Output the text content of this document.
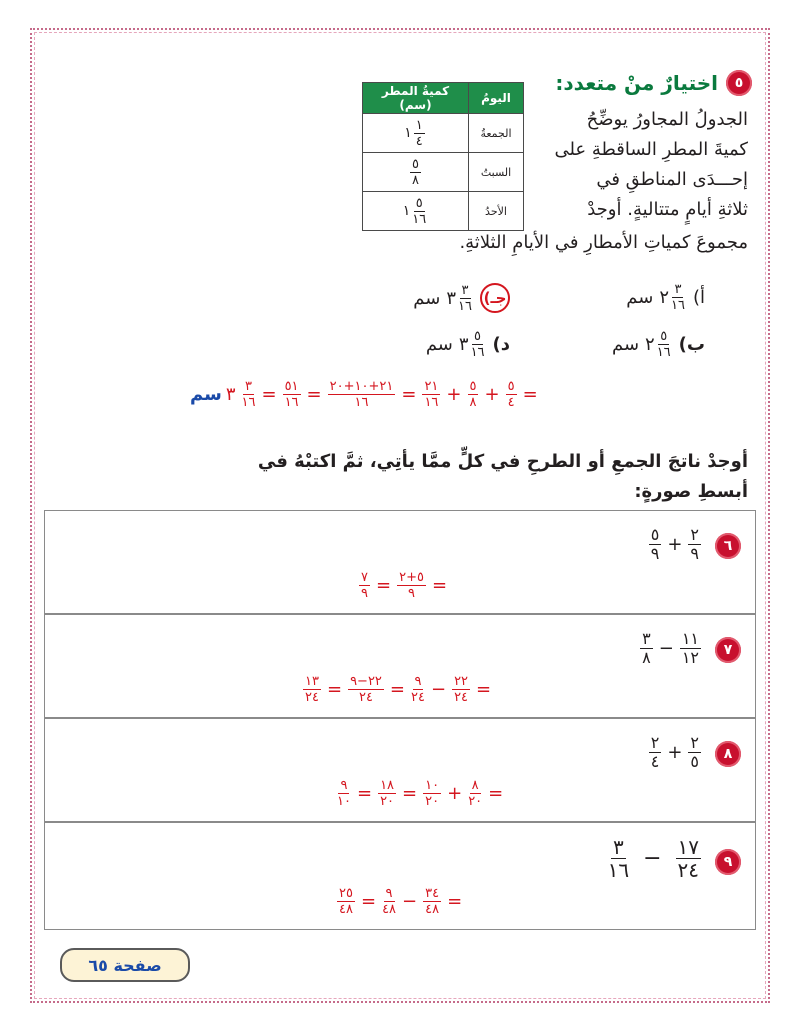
٥
اختيارٌ منْ متعدد:
الجدولُ المجاورُ يوضِّحُ
كميةَ المطرِ الساقطةِ على
إحـــدَى المناطقِ في
ثلاثةِ أيامٍ متتاليةٍ. أوجدْ
مجموعَ كمياتِ الأمطارِ في الأيامِ الثلاثةِ.
اليومُ	كميةُ المطر (سم)
الجمعةُ	١ $\frac{١}{٤}$

السبتُ	$\frac{٥}{٨}$

الأحدُ	١ $\frac{٥}{١٦}$
أ)
٢ $\frac{٣}{١٦}$
سم
جـ)
٣ $\frac{٣}{١٦}$
سم
ب)
٢ $\frac{٥}{١٦}$
سم
د)
٣ $\frac{٥}{١٦}$
سم
سم ٣ $\frac{٣}{١٦} = \frac{٥١}{١٦} = \frac{٢١+١٠+٢٠}{١٦} = \frac{٢١}{١٦} + \frac{٥}{٨} + \frac{٥}{٤}$ =
أوجدْ ناتجَ الجمعِ أو الطرحِ في كلٍّ ممَّا يأتِي، ثمَّ اكتبْهُ في
أبسطِ صورةٍ:
٦
$\frac{٥}{٩} + \frac{٢}{٩}$
$\frac{٧}{٩} = \frac{٥+٢}{٩}$ =
٧
$\frac{٣}{٨} - \frac{١١}{١٢}$
$\frac{١٣}{٢٤} = \frac{٢٢-٩}{٢٤} = \frac{٩}{٢٤} - \frac{٢٢}{٢٤}$ =
٨
$\frac{٢}{٤} + \frac{٢}{٥}$
$\frac{٩}{١٠} = \frac{١٨}{٢٠} = \frac{١٠}{٢٠} + \frac{٨}{٢٠}$ =
٩
$\frac{٣}{١٦} - \frac{١٧}{٢٤}$
$\frac{٢٥}{٤٨} = \frac{٩}{٤٨} - \frac{٣٤}{٤٨}$ =
صفحة ٦٥
